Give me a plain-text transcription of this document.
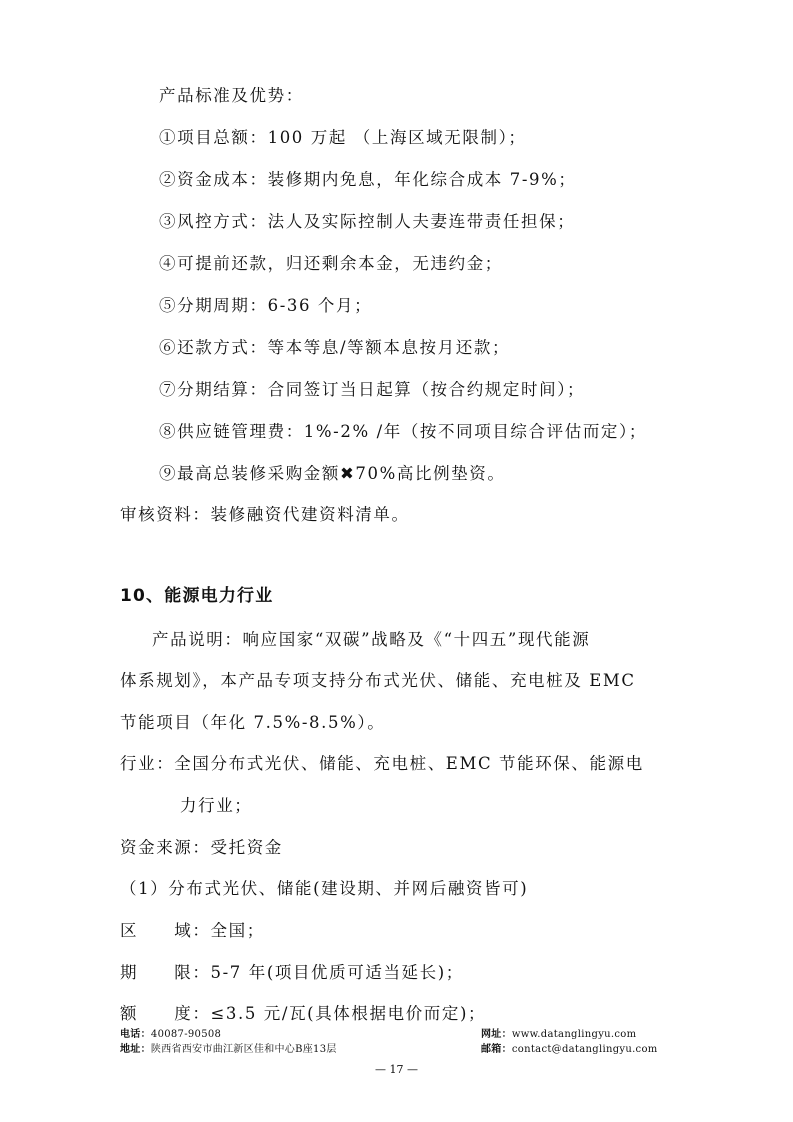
产品标准及优势：
①项目总额：100 万起 （上海区域无限制）；
②资金成本：装修期内免息，年化综合成本 7-9%；
③风控方式：法人及实际控制人夫妻连带责任担保；
④可提前还款，归还剩余本金，无违约金；
⑤分期周期：6-36 个月；
⑥还款方式：等本等息/等额本息按月还款；
⑦分期结算：合同签订当日起算（按合约规定时间）；
⑧供应链管理费：1%-2% /年（按不同项目综合评估而定）；
⑨最高总装修采购金额✖70%高比例垫资。
审核资料：装修融资代建资料清单。
10、能源电力行业
产品说明：响应国家“双碳”战略及《“十四五”现代能源
体系规划》，本产品专项支持分布式光伏、储能、充电桩及 EMC
节能项目（年化 7.5%-8.5%）。
行业：全国分布式光伏、储能、充电桩、EMC 节能环保、能源电
力行业；
资金来源：受托资金
（1）分布式光伏、储能(建设期、并网后融资皆可)
区　　域：全国；
期　　限：5-7 年(项目优质可适当延长)；
额　　度：≤3.5 元/瓦(具体根据电价而定)；
电话：40087-90508
地址：陕西省西安市曲江新区佳和中心B座13层
网址：www.datanglingyu.com
邮箱：contact@datanglingyu.com
— 17 —
